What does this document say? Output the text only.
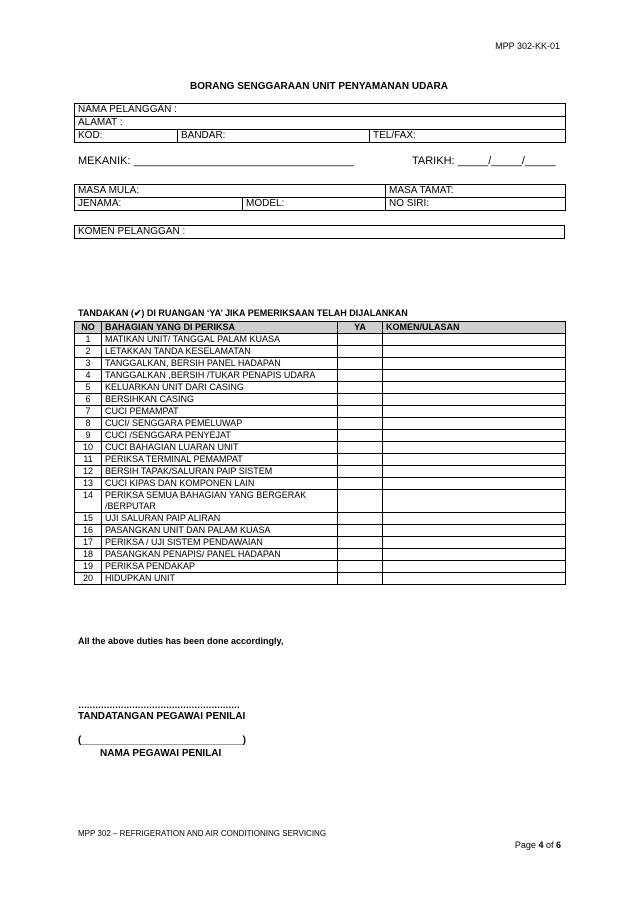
MPP 302-KK-01
BORANG SENGGARAAN UNIT PENYAMANAN UDARA
NAMA PELANGGAN :
ALAMAT :
KOD:	BANDAR:	TEL/FAX:
MEKANIK: ____________________________________	TARIKH: _____/_____/_____
MASA MULA:		MASA TAMAT:
JENAMA:	MODEL:	NO SIRI:
KOMEN PELANGGAN :
TANDAKAN (✔) DI RUANGAN ‘YA’ JIKA PEMERIKSAAN TELAH DIJALANKAN
NO	BAHAGIAN YANG DI PERIKSA	YA	KOMEN/ULASAN
1	MATIKAN UNIT/ TANGGAL PALAM KUASA		
2	LETAKKAN TANDA KESELAMATAN		
3	TANGGALKAN, BERSIH PANEL HADAPAN		
4	TANGGALKAN ,BERSIH /TUKAR PENAPIS UDARA		
5	KELUARKAN UNIT DARI CASING		
6	BERSIHKAN CASING		
7	CUCI PEMAMPAT		
8	CUCI/ SENGGARA PEMELUWAP		
9	CUCI /SENGGARA PENYEJAT		
10	CUCI BAHAGIAN LUARAN UNIT		
11	PERIKSA TERMINAL PEMAMPAT		
12	BERSIH TAPAK/SALURAN PAIP SISTEM		
13	CUCI KIPAS DAN KOMPONEN LAIN		
14	PERIKSA SEMUA BAHAGIAN YANG BERGERAK /BERPUTAR		
15	UJI SALURAN PAIP ALIRAN		
16	PASANGKAN UNIT DAN PALAM KUASA		
17	PERIKSA / UJI SISTEM PENDAWAIAN		
18	PASANGKAN PENAPIS/ PANEL HADAPAN		
19	PERIKSA PENDAKAP		
20	HIDUPKAN UNIT		
All the above duties has been done accordingly,
…………………………………………………
TANDATANGAN PEGAWAI PENILAI
(_____________________________)
NAMA PEGAWAI PENILAI
MPP 302 – REFRIGERATION AND AIR CONDITIONING SERVICING
Page 4 of 6
